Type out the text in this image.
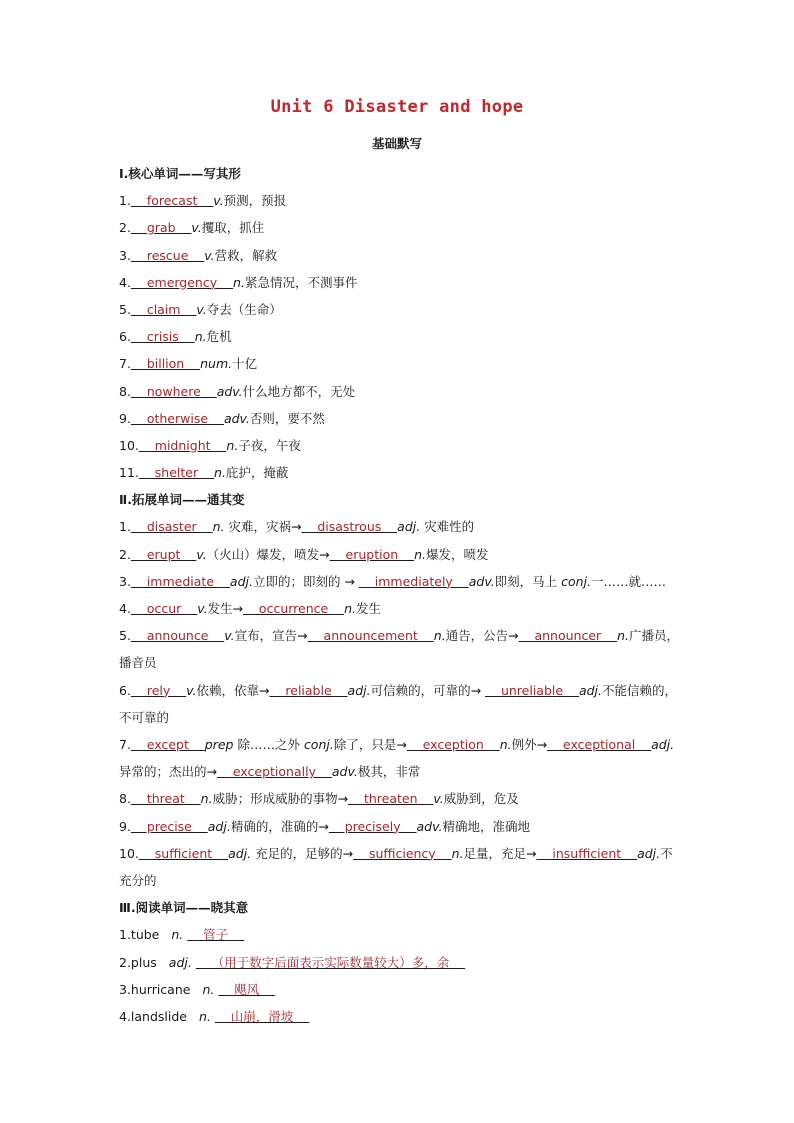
Unit 6 Disaster and hope
基础默写
Ⅰ.核心单词——写其形
1.    forecast    v.预测，预报
2.    grab    v.攫取，抓住
3.    rescue    v.营救，解救
4.    emergency    n.紧急情况，不测事件
5.    claim    v.夺去（生命）
6.    crisis    n.危机
7.    billion    num.十亿
8.    nowhere    adv.什么地方都不，无处
9.    otherwise    adv.否则，要不然
10.    midnight    n.子夜，午夜
11.    shelter    n.庇护，掩蔽
Ⅱ.拓展单词——通其变
1.    disaster    n. 灾难，灾祸→    disastrous    adj. 灾难性的
2.    erupt    v.（火山）爆发，喷发→    eruption    n.爆发，喷发
3.    immediate    adj.立即的；即刻的 →     immediately    adv.即刻，马上 conj.一……就……
4.    occur    v.发生→    occurrence    n.发生
5.    announce    v.宣布，宣告→    announcement    n.通告，公告→    announcer    n.广播员，播音员
6.    rely    v.依赖，依靠→    reliable    adj.可信赖的，可靠的→     unreliable    adj.不能信赖的，不可靠的
7.    except    prep 除……之外 conj.除了，只是→    exception    n.例外→    exceptional    adj.异常的；杰出的→    exceptionally    adv.极其，非常
8.    threat    n.威胁；形成威胁的事物→    threaten    v.威胁到，危及
9.    precise    adj.精确的，准确的→    precisely    adv.精确地，准确地
10.    sufficient    adj. 充足的，足够的→    sufficiency    n.足量，充足→    insufficient    adj.不充分的
Ⅲ.阅读单词——晓其意
1.tube n.    管子
2.plus adj.    （用于数字后面表示实际数量较大）多，余
3.hurricane n.    飓风
4.landslide n.    山崩，滑坡
